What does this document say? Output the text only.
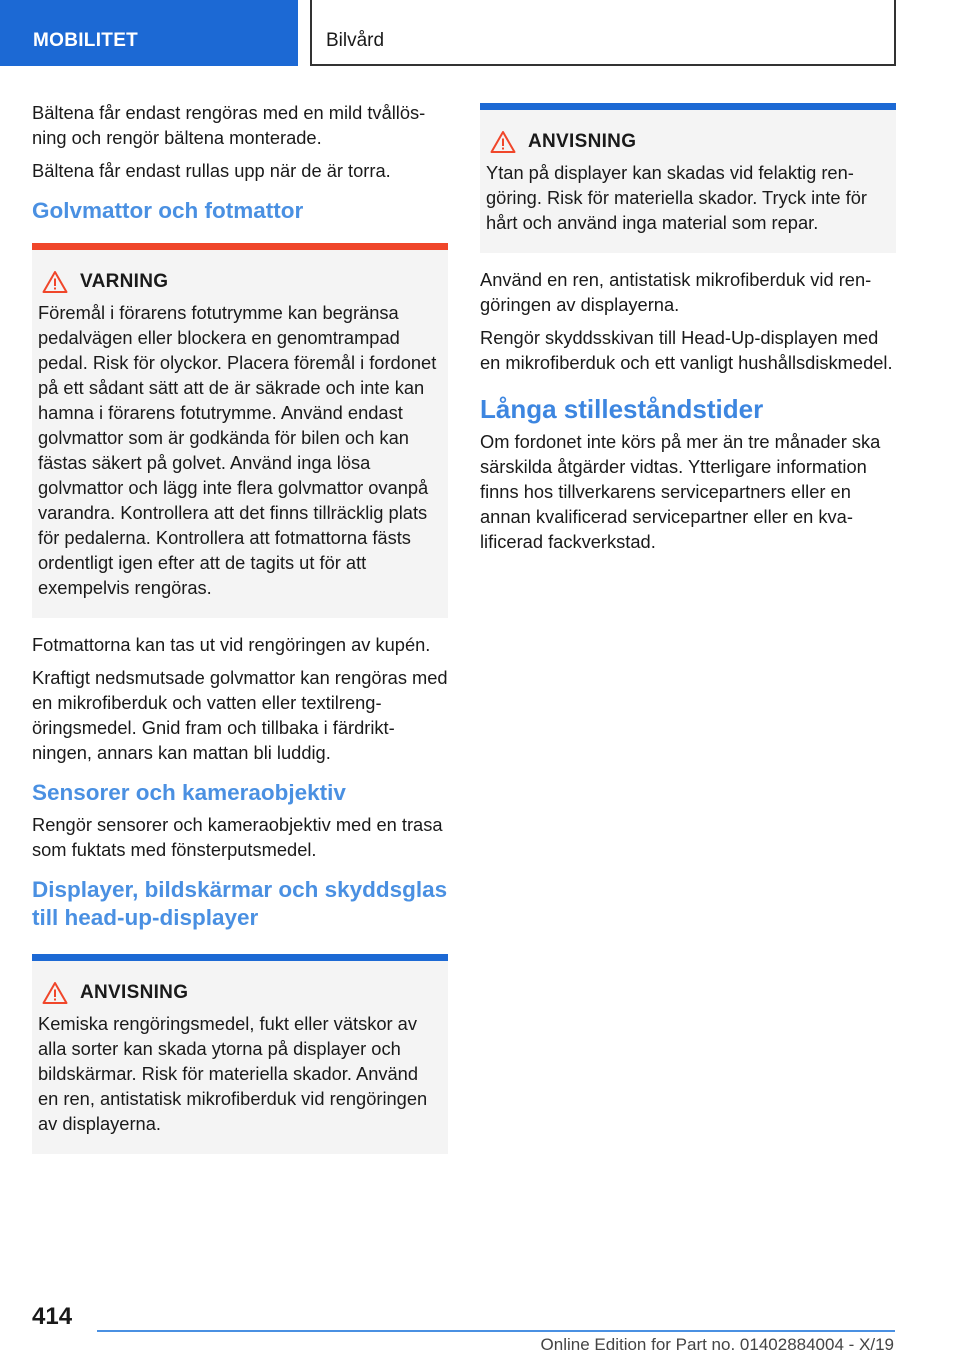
MOBILITET	Bilvård

Bältena får endast rengöras med en mild tvållösning och rengör bältena monterade.

Bältena får endast rullas upp när de är torra.

Golvmattor och fotmattor
VARNING

Föremål i förarens fotutrymme kan begränsa pedalvägen eller blockera en genomtrampad pedal. Risk för olyckor. Placera föremål i fordonet på ett sådant sätt att de är säkrade och inte kan hamna i förarens fotutrymme. Använd endast golvmattor som är godkända för bilen och kan fästas säkert på golvet. Använd inga lösa golvmattor och lägg inte flera golvmattor ovanpå varandra. Kontrollera att det finns tillräcklig plats för pedalerna. Kontrollera att fotmattorna fästs ordentligt igen efter att de tagits ut för att exempelvis rengöras.

Fotmattorna kan tas ut vid rengöringen av kupén.

Kraftigt nedsmutsade golvmattor kan rengöras med en mikrofiberduk och vatten eller textilrengöringsmedel. Gnid fram och tillbaka i färdriktningen, annars kan mattan bli luddig.

Sensorer och kameraobjektiv

Rengör sensorer och kameraobjektiv med en trasa som fuktats med fönsterputsmedel.

Displayer, bildskärmar och skyddsglas till head-up-displayer
ANVISNING

Kemiska rengöringsmedel, fukt eller vätskor av alla sorter kan skada ytorna på displayer och bildskärmar. Risk för materiella skador. Använd en ren, antistatisk mikrofiberduk vid rengöringen av displayerna.

ANVISNING

Ytan på displayer kan skadas vid felaktig rengöring. Risk för materiella skador. Tryck inte för hårt och använd inga material som repar.

Använd en ren, antistatisk mikrofiberduk vid rengöringen av displayerna.

Rengör skyddsskivan till Head-Up-displayen med en mikrofiberduk och ett vanligt hushållsdiskmedel.

Långa stilleståndstider

Om fordonet inte körs på mer än tre månader ska särskilda åtgärder vidtas. Ytterligare information finns hos tillverkarens servicepartners eller en annan kvalificerad servicepartner eller en kvalificerad fackverkstad.

414
Online Edition for Part no. 01402884004 - X/19
